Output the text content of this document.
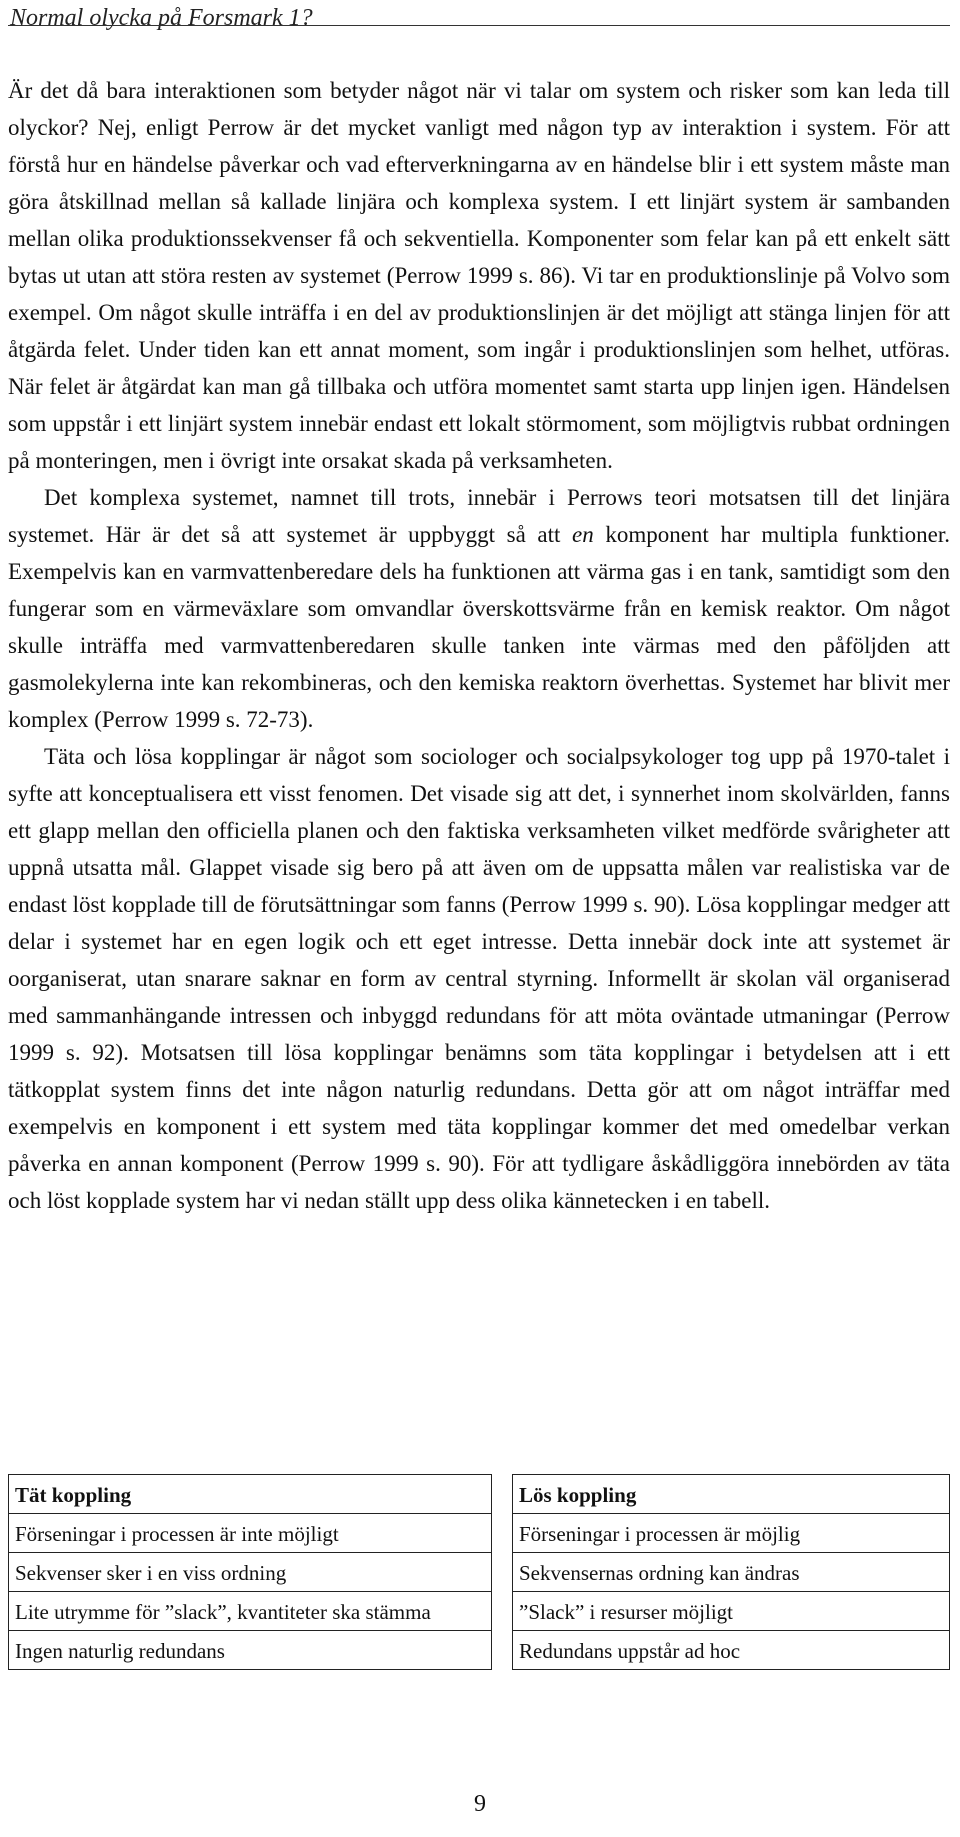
Normal olycka på Forsmark 1?

Är det då bara interaktionen som betyder något när vi talar om system och risker som kan leda till olyckor? Nej, enligt Perrow är det mycket vanligt med någon typ av interaktion i system. För att förstå hur en händelse påverkar och vad efterverkningarna av en händelse blir i ett system måste man göra åtskillnad mellan så kallade linjära och komplexa system. I ett linjärt system är sambanden mellan olika produktionssekvenser få och sekventiella. Komponenter som felar kan på ett enkelt sätt bytas ut utan att störa resten av systemet (Perrow 1999 s. 86). Vi tar en produktionslinje på Volvo som exempel. Om något skulle inträffa i en del av produktionslinjen är det möjligt att stänga linjen för att åtgärda felet. Under tiden kan ett annat moment, som ingår i produktionslinjen som helhet, utföras. När felet är åtgärdat kan man gå tillbaka och utföra momentet samt starta upp linjen igen. Händelsen som uppstår i ett linjärt system innebär endast ett lokalt störmoment, som möjligtvis rubbat ordningen på monteringen, men i övrigt inte orsakat skada på verksamheten.

Det komplexa systemet, namnet till trots, innebär i Perrows teori motsatsen till det linjära systemet. Här är det så att systemet är uppbyggt så att en komponent har multipla funktioner. Exempelvis kan en varmvattenberedare dels ha funktionen att värma gas i en tank, samtidigt som den fungerar som en värmeväxlare som omvandlar överskottsvärme från en kemisk reaktor. Om något skulle inträffa med varmvattenberedaren skulle tanken inte värmas med den påföljden att gasmolekylerna inte kan rekombineras, och den kemiska reaktorn överhettas. Systemet har blivit mer komplex (Perrow 1999 s. 72-73).

Täta och lösa kopplingar är något som sociologer och socialpsykologer tog upp på 1970-talet i syfte att konceptualisera ett visst fenomen. Det visade sig att det, i synnerhet inom skolvärlden, fanns ett glapp mellan den officiella planen och den faktiska verksamheten vilket medförde svårigheter att uppnå utsatta mål. Glappet visade sig bero på att även om de uppsatta målen var realistiska var de endast löst kopplade till de förutsättningar som fanns (Perrow 1999 s. 90). Lösa kopplingar medger att delar i systemet har en egen logik och ett eget intresse. Detta innebär dock inte att systemet är oorganiserat, utan snarare saknar en form av central styrning. Informellt är skolan väl organiserad med sammanhängande intressen och inbyggd redundans för att möta oväntade utmaningar (Perrow 1999 s. 92). Motsatsen till lösa kopplingar benämns som täta kopplingar i betydelsen att i ett tätkopplat system finns det inte någon naturlig redundans. Detta gör att om något inträffar med exempelvis en komponent i ett system med täta kopplingar kommer det med omedelbar verkan påverka en annan komponent (Perrow 1999 s. 90). För att tydligare åskådliggöra innebörden av täta och löst kopplade system har vi nedan ställt upp dess olika kännetecken i en tabell.

Tät koppling		Lös koppling
Förseningar i processen är inte möjligt		Förseningar i processen är möjlig
Sekvenser sker i en viss ordning		Sekvensernas ordning kan ändras
Lite utrymme för ”slack”, kvantiteter ska stämma		”Slack” i resurser möjligt
Ingen naturlig redundans		Redundans uppstår ad hoc
9
